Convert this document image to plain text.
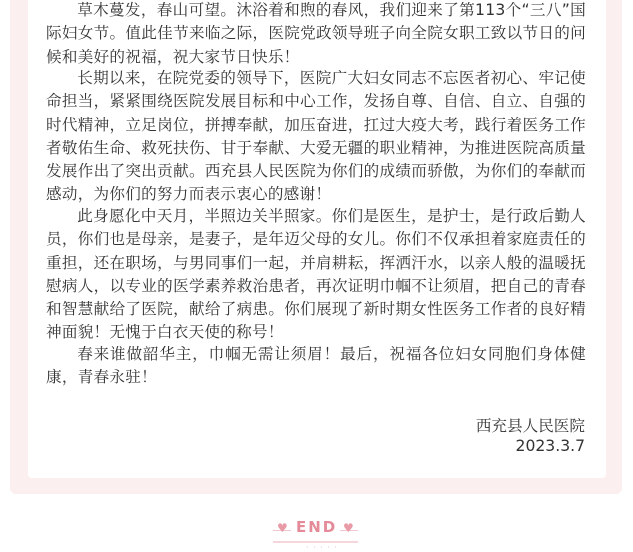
草木蔓发，春山可望。沐浴着和煦的春风，我们迎来了第113个“三八”国际妇女节。值此佳节来临之际，医院党政领导班子向全院女职工致以节日的问候和美好的祝福，祝大家节日快乐！

长期以来，在院党委的领导下，医院广大妇女同志不忘医者初心、牢记使命担当，紧紧围绕医院发展目标和中心工作，发扬自尊、自信、自立、自强的时代精神，立足岗位，拼搏奉献，加压奋进，扛过大疫大考，践行着医务工作者敬佑生命、救死扶伤、甘于奉献、大爱无疆的职业精神，为推进医院高质量发展作出了突出贡献。西充县人民医院为你们的成绩而骄傲，为你们的奉献而感动，为你们的努力而表示衷心的感谢！

此身愿化中天月，半照边关半照家。你们是医生，是护士，是行政后勤人员，你们也是母亲，是妻子，是年迈父母的女儿。你们不仅承担着家庭责任的重担，还在职场，与男同事们一起，并肩耕耘，挥洒汗水，以亲人般的温暖抚慰病人，以专业的医学素养救治患者，再次证明巾帼不让须眉，把自己的青春和智慧献给了医院，献给了病患。你们展现了新时期女性医务工作者的良好精神面貌！无愧于白衣天使的称号！

春来谁做韶华主，巾帼无需让须眉！最后，祝福各位妇女同胞们身体健康，青春永驻！

西充县人民医院
2023.3.7
♥ END ♥
· · · · ·
